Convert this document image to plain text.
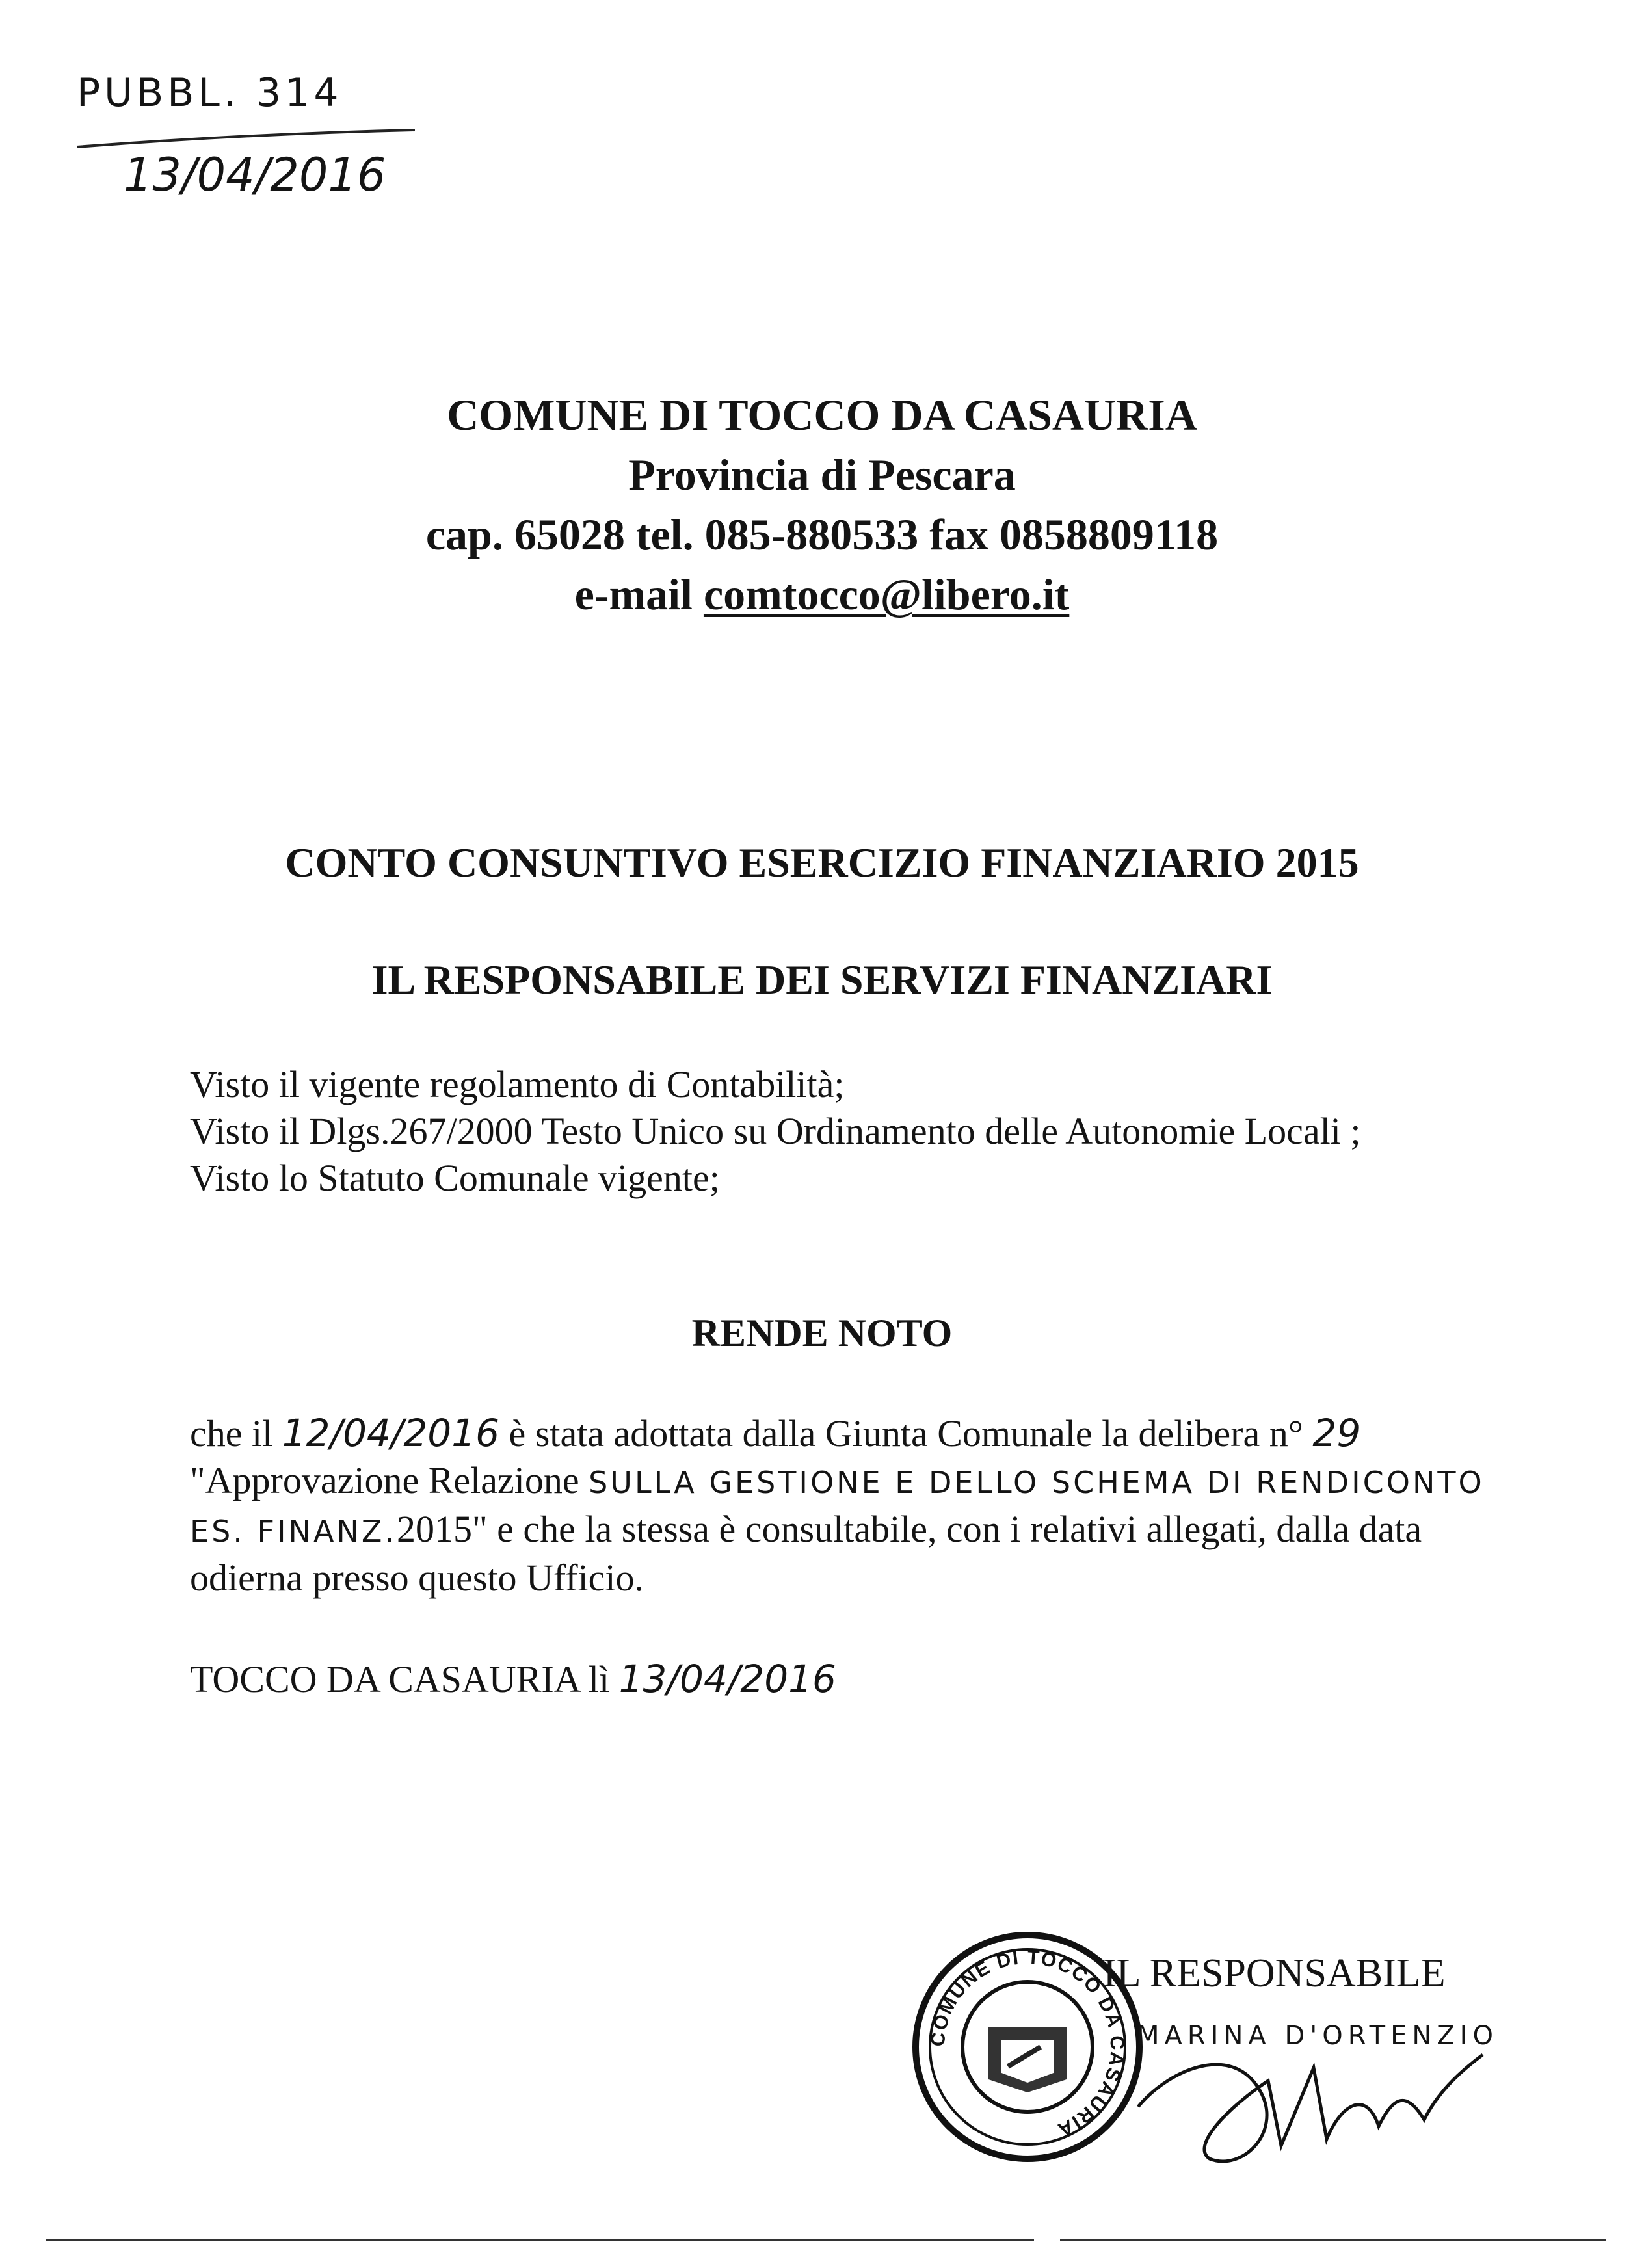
PUBBL. 314
13/04/2016
COMUNE DI TOCCO DA CASAURIA
Provincia di Pescara
cap. 65028 tel. 085-880533 fax 0858809118
e-mail comtocco@libero.it
CONTO CONSUNTIVO ESERCIZIO FINANZIARIO 2015
IL RESPONSABILE DEI SERVIZI FINANZIARI
Visto il vigente regolamento di Contabilità;
Visto il Dlgs.267/2000 Testo Unico su Ordinamento delle Autonomie Locali ;
Visto lo Statuto Comunale vigente;
RENDE NOTO
che il 12/04/2016 è stata adottata dalla Giunta Comunale la delibera n° 29
"Approvazione Relazione SULLA GESTIONE E DELLO SCHEMA DI RENDICONTO ES. FINANZ.2015" e che la stessa è consultabile, con i relativi allegati, dalla data odierna presso questo Ufficio.
TOCCO DA CASAURIA lì 13/04/2016
COMUNE DI TOCCO DA CASAURIA
IL RESPONSABILE
MARINA D'ORTENZIO
